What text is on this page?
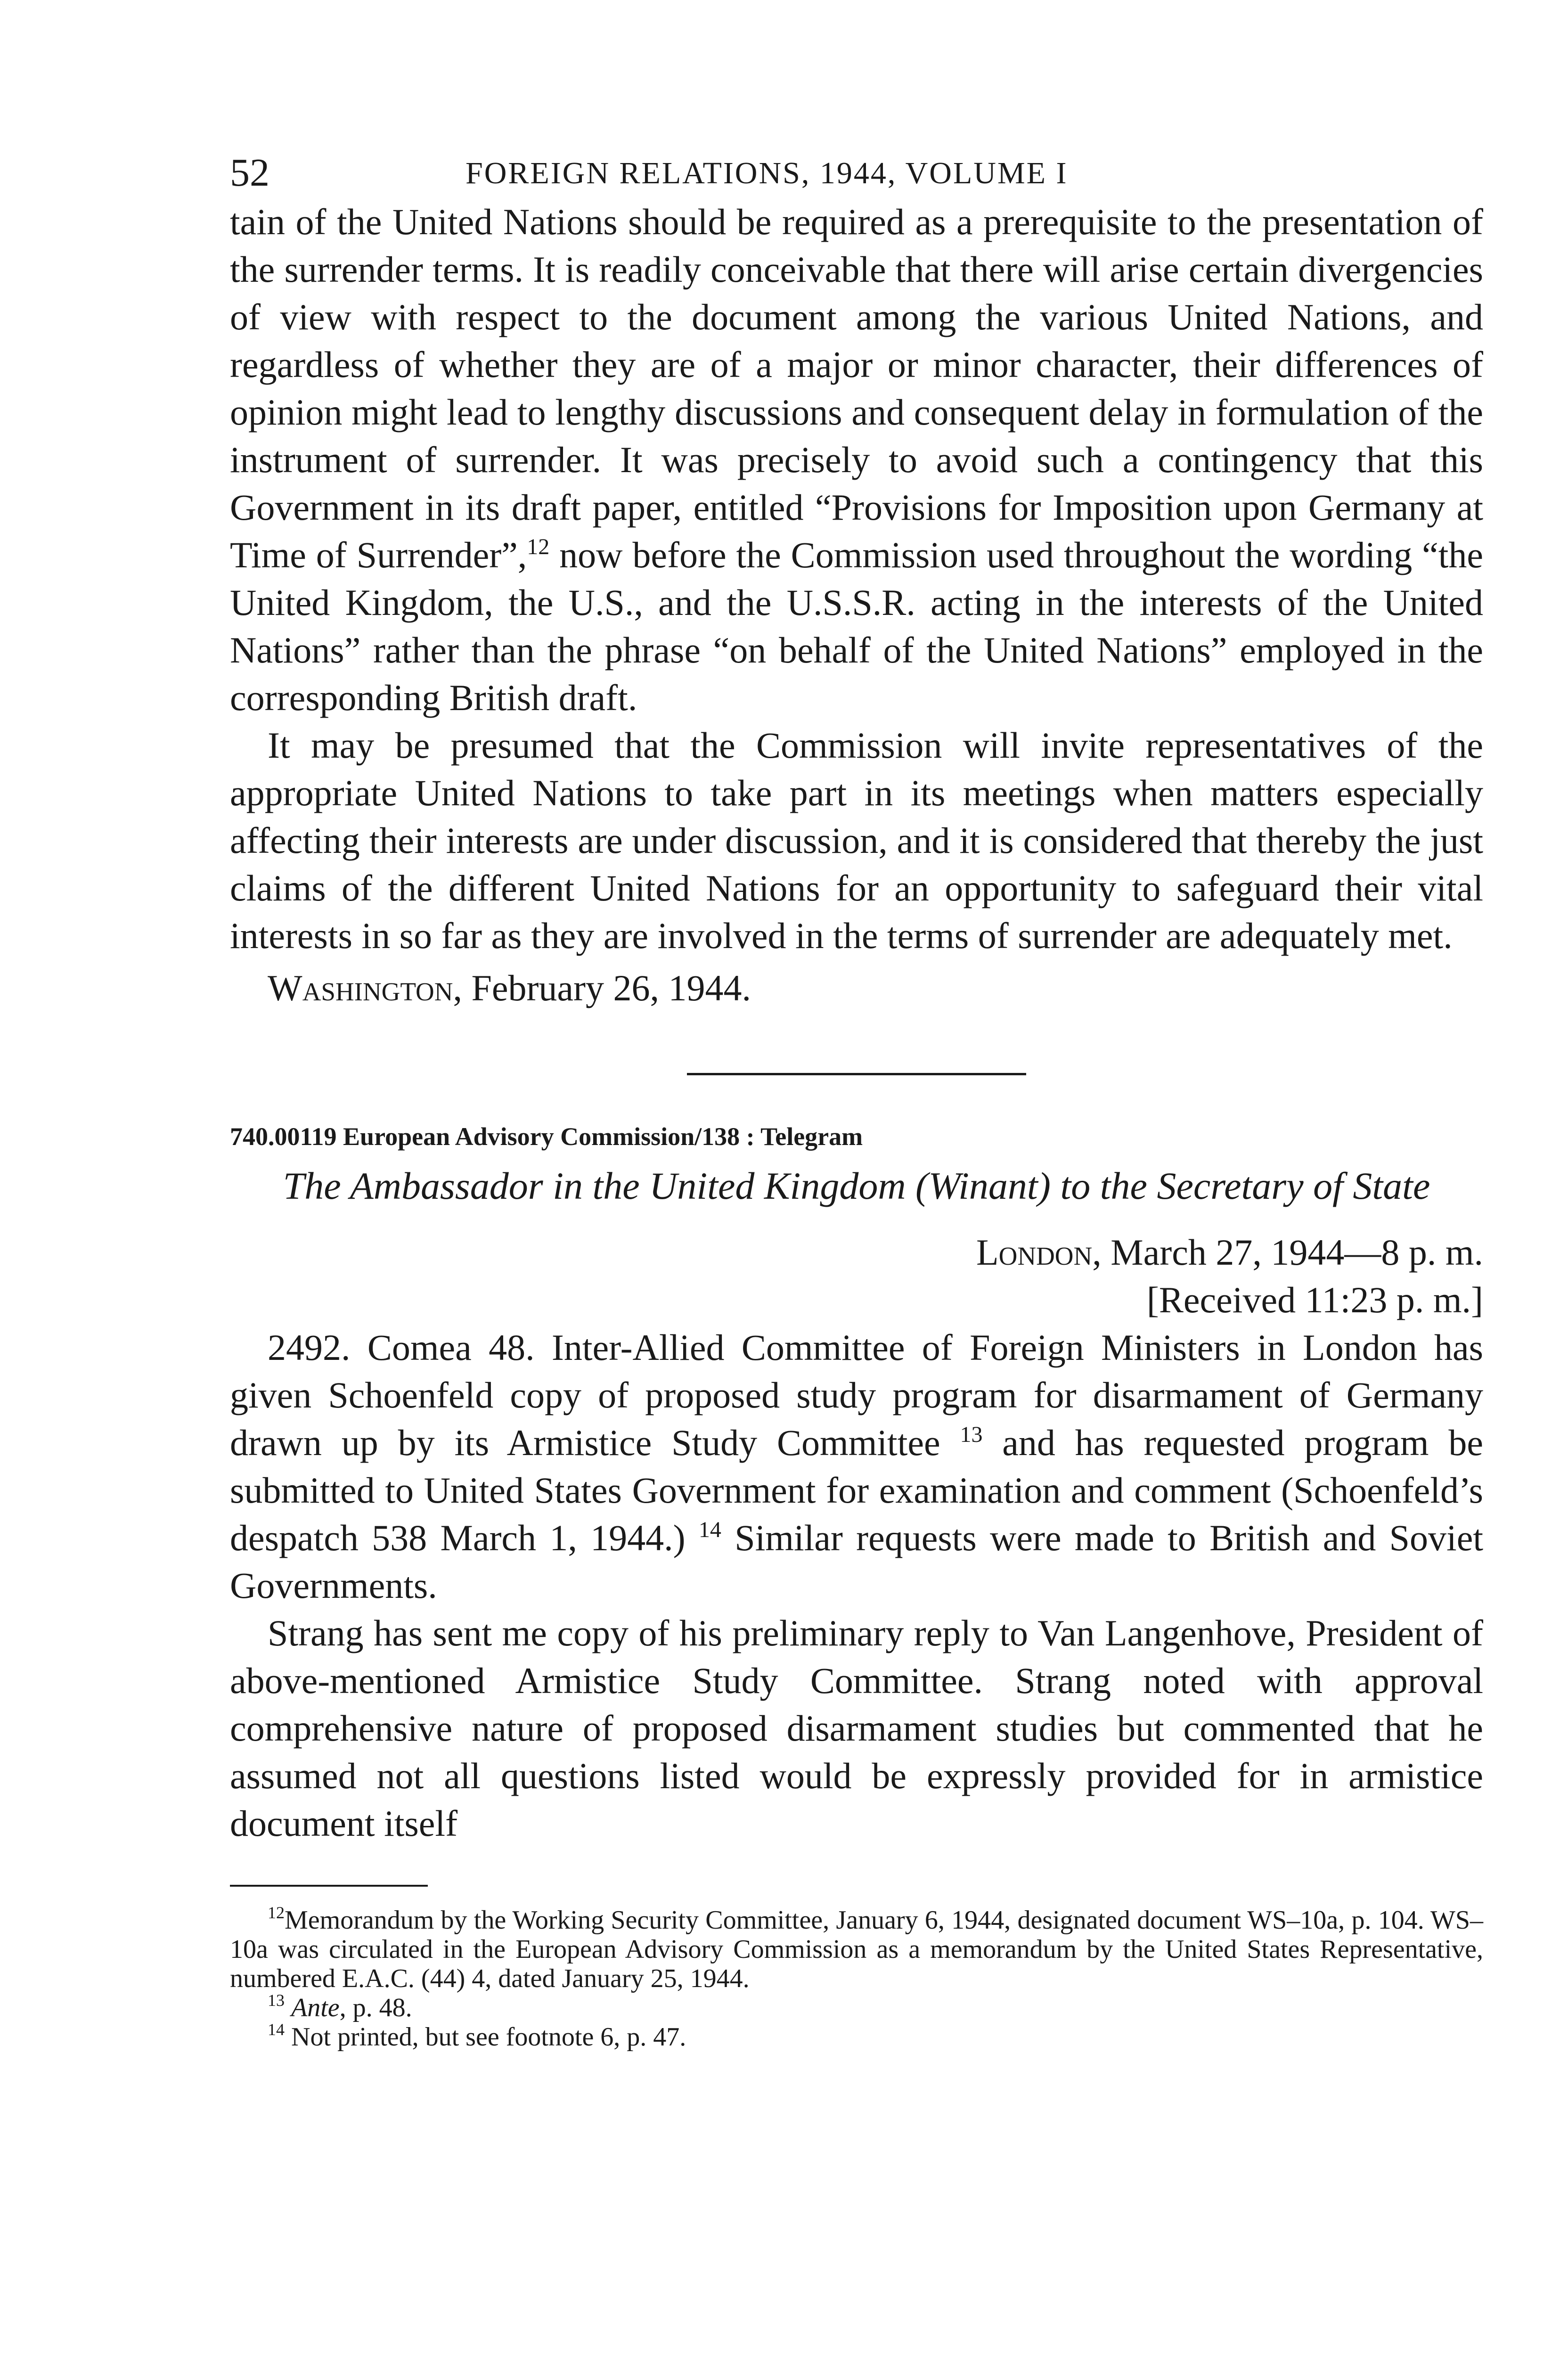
52	FOREIGN RELATIONS, 1944, VOLUME I

tain of the United Nations should be required as a prerequisite to the presentation of the surrender terms. It is readily conceivable that there will arise certain divergencies of view with respect to the document among the various United Nations, and regardless of whether they are of a major or minor character, their differences of opinion might lead to lengthy discussions and consequent delay in formulation of the instrument of surrender. It was precisely to avoid such a contingency that this Government in its draft paper, entitled “Provisions for Imposition upon Germany at Time of Surrender”,$^{12}$ now before the Commission used throughout the wording “the United Kingdom, the U.S., and the U.S.S.R. acting in the interests of the United Nations” rather than the phrase “on behalf of the United Nations” employed in the corresponding British draft.

It may be presumed that the Commission will invite representatives of the appropriate United Nations to take part in its meetings when matters especially affecting their interests are under discussion, and it is considered that thereby the just claims of the different United Nations for an opportunity to safeguard their vital interests in so far as they are involved in the terms of surrender are adequately met.

Washington, February 26, 1944.

740.00119 European Advisory Commission/138 : Telegram

The Ambassador in the United Kingdom (Winant) to the Secretary of State

London, March 27, 1944—8 p. m.

[Received 11:23 p. m.]

2492. Comea 48. Inter-Allied Committee of Foreign Ministers in London has given Schoenfeld copy of proposed study program for disarmament of Germany drawn up by its Armistice Study Committee $^{13}$ and has requested program be submitted to United States Government for examination and comment (Schoenfeld’s despatch 538 March 1, 1944.) $^{14}$ Similar requests were made to British and Soviet Governments.

Strang has sent me copy of his preliminary reply to Van Langenhove, President of above-mentioned Armistice Study Committee. Strang noted with approval comprehensive nature of proposed disarmament studies but commented that he assumed not all questions listed would be expressly provided for in armistice document itself

$^{12}$Memorandum by the Working Security Committee, January 6, 1944, designated document WS–10a, p. 104. WS–10a was circulated in the European Advisory Commission as a memorandum by the United States Representative, numbered E.A.C. (44) 4, dated January 25, 1944.

$^{13}$ Ante, p. 48.

$^{14}$ Not printed, but see footnote 6, p. 47.
